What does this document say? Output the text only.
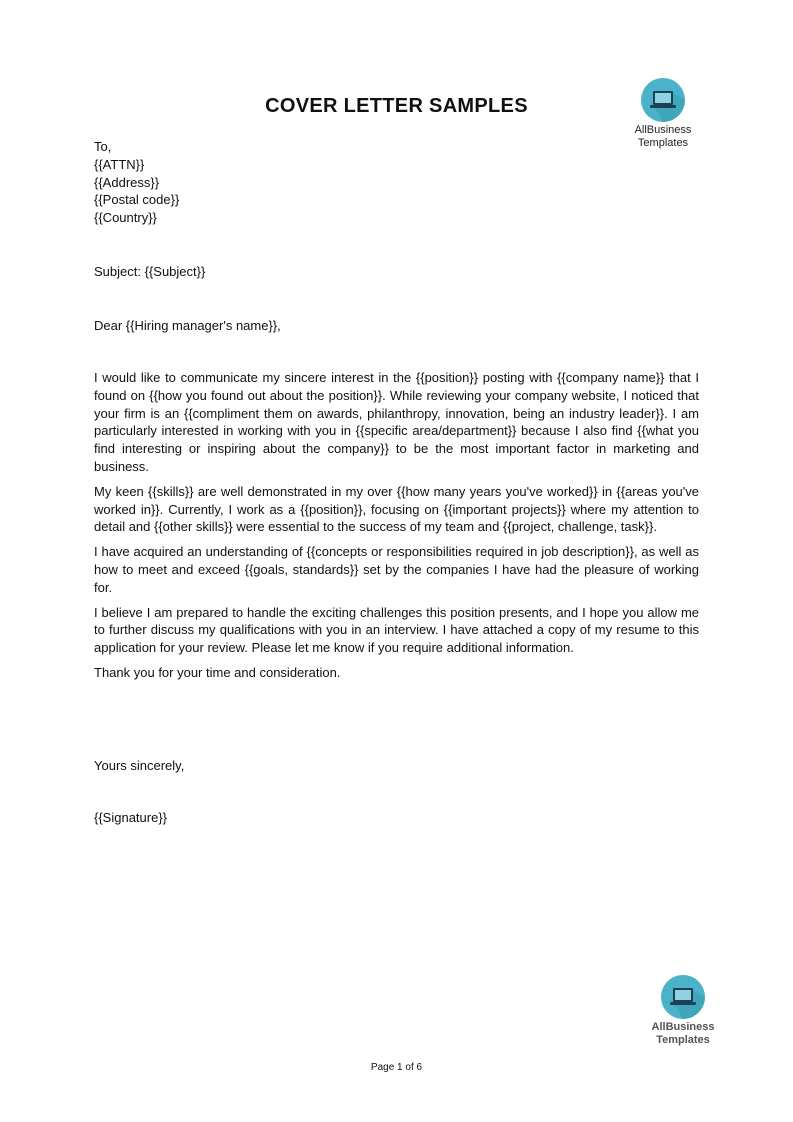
COVER LETTER SAMPLES
AllBusiness
Templates
To,
{{ATTN}}
{{Address}}
{{Postal code}}
{{Country}}
Subject: {{Subject}}
Dear {{Hiring manager's name}},

I would like to communicate my sincere interest in the {{position}} posting with {{company name}} that I found on {{how you found out about the position}}. While reviewing your company website, I noticed that your firm is an {{compliment them on awards, philanthropy, innovation, being an industry leader}}. I am particularly interested in working with you in {{specific area/department}} because I also find {{what you find interesting or inspiring about the company}} to be the most important factor in marketing and business.

My keen {{skills}} are well demonstrated in my over {{how many years you've worked}} in {{areas you've worked in}}. Currently, I work as a {{position}}, focusing on {{important projects}} where my attention to detail and {{other skills}} were essential to the success of my team and {{project, challenge, task}}.

I have acquired an understanding of {{concepts or responsibilities required in job description}}, as well as how to meet and exceed {{goals, standards}} set by the companies I have had the pleasure of working for.

I believe I am prepared to handle the exciting challenges this position presents, and I hope you allow me to further discuss my qualifications with you in an interview. I have attached a copy of my resume to this application for your review. Please let me know if you require additional information.

Thank you for your time and consideration.

Yours sincerely,
{{Signature}}
AllBusiness
Templates
Page 1 of 6
